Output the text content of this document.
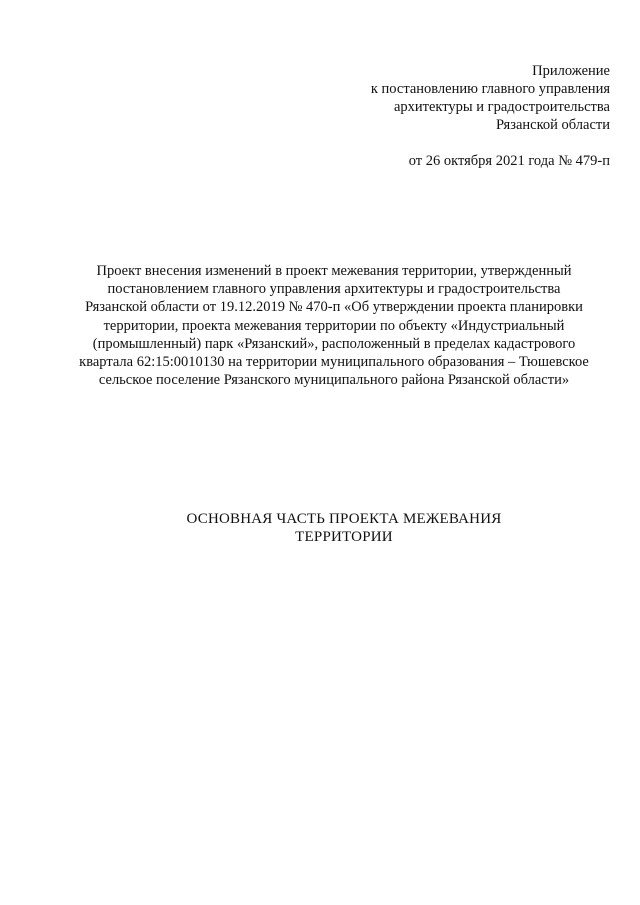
Приложение
к постановлению главного управления
архитектуры и градостроительства
Рязанской области
от 26 октября 2021 года № 479-п
Проект внесения изменений в проект межевания территории, утвержденный
постановлением главного управления архитектуры и градостроительства
Рязанской области от 19.12.2019 № 470-п «Об утверждении проекта планировки
территории, проекта межевания территории по объекту «Индустриальный
(промышленный) парк «Рязанский», расположенный в пределах кадастрового
квартала 62:15:0010130 на территории муниципального образования – Тюшевское
сельское поселение Рязанского муниципального района Рязанской области»
ОСНОВНАЯ ЧАСТЬ ПРОЕКТА МЕЖЕВАНИЯ
ТЕРРИТОРИИ
